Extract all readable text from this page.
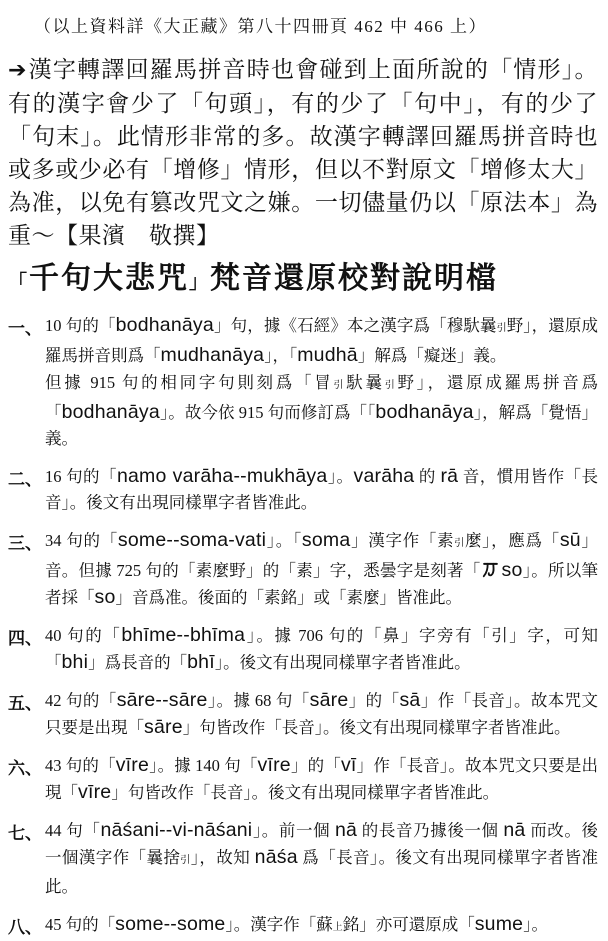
（以上資料詳《大正藏》第八十四冊頁 462 中 466 上）
➔漢字轉譯回羅馬拼音時也會碰到上面所說的「情形」。有的漢字會少了「句頭」，有的少了「句中」，有的少了「句末」。此情形非常的多。故漢字轉譯回羅馬拼音時也或多或少必有「增修」情形，但以不對原文「增修太大」為准，以免有篡改咒文之嫌。一切儘量仍以「原法本」為重～【果濱　敬撰】
「千句大悲咒」梵音還原校對說明檔
一、 10 句的「bodhanāya」句，據《石經》本之漢字爲「穆馱曩引野」，還原成羅馬拼音則爲「mudhanāya」，「mudhā」解爲「癡迷」義。

但據 915 句的相同字句則刻爲「冒引馱曩引野」，還原成羅馬拼音爲「bodhanāya」。故今依 915 句而修訂爲「「bodhanāya」，解爲「覺悟」義。

二、 16 句的「namo varāha--mukhāya」。varāha 的 rā 音，慣用皆作「長音」。後文有出現同樣單字者皆准此。

三、 34 句的「some--soma-vati」。「soma」漢字作「素引麼」，應爲「sū」音。但據 725 句的「素麼野」的「素」字，悉曇字是刻著「 so」。所以筆者採「so」音爲准。後面的「素銘」或「素麼」皆准此。

四、 40 句的「bhīme--bhīma」。據 706 句的「鼻」字旁有「引」字，可知「bhi」爲長音的「bhī」。後文有出現同樣單字者皆准此。

五、 42 句的「sāre--sāre」。據 68 句「sāre」的「sā」作「長音」。故本咒文只要是出現「sāre」句皆改作「長音」。後文有出現同樣單字者皆准此。

六、 43 句的「vīre」。據 140 句「vīre」的「vī」作「長音」。故本咒文只要是出現「vīre」句皆改作「長音」。後文有出現同樣單字者皆准此。

七、 44 句「nāśani--vi-nāśani」。前一個 nā 的長音乃據後一個 nā 而改。後一個漢字作「曩捨引」，故知 nāśa 爲「長音」。後文有出現同樣單字者皆准此。

八、 45 句的「some--some」。漢字作「蘇上銘」亦可還原成「sume」。
